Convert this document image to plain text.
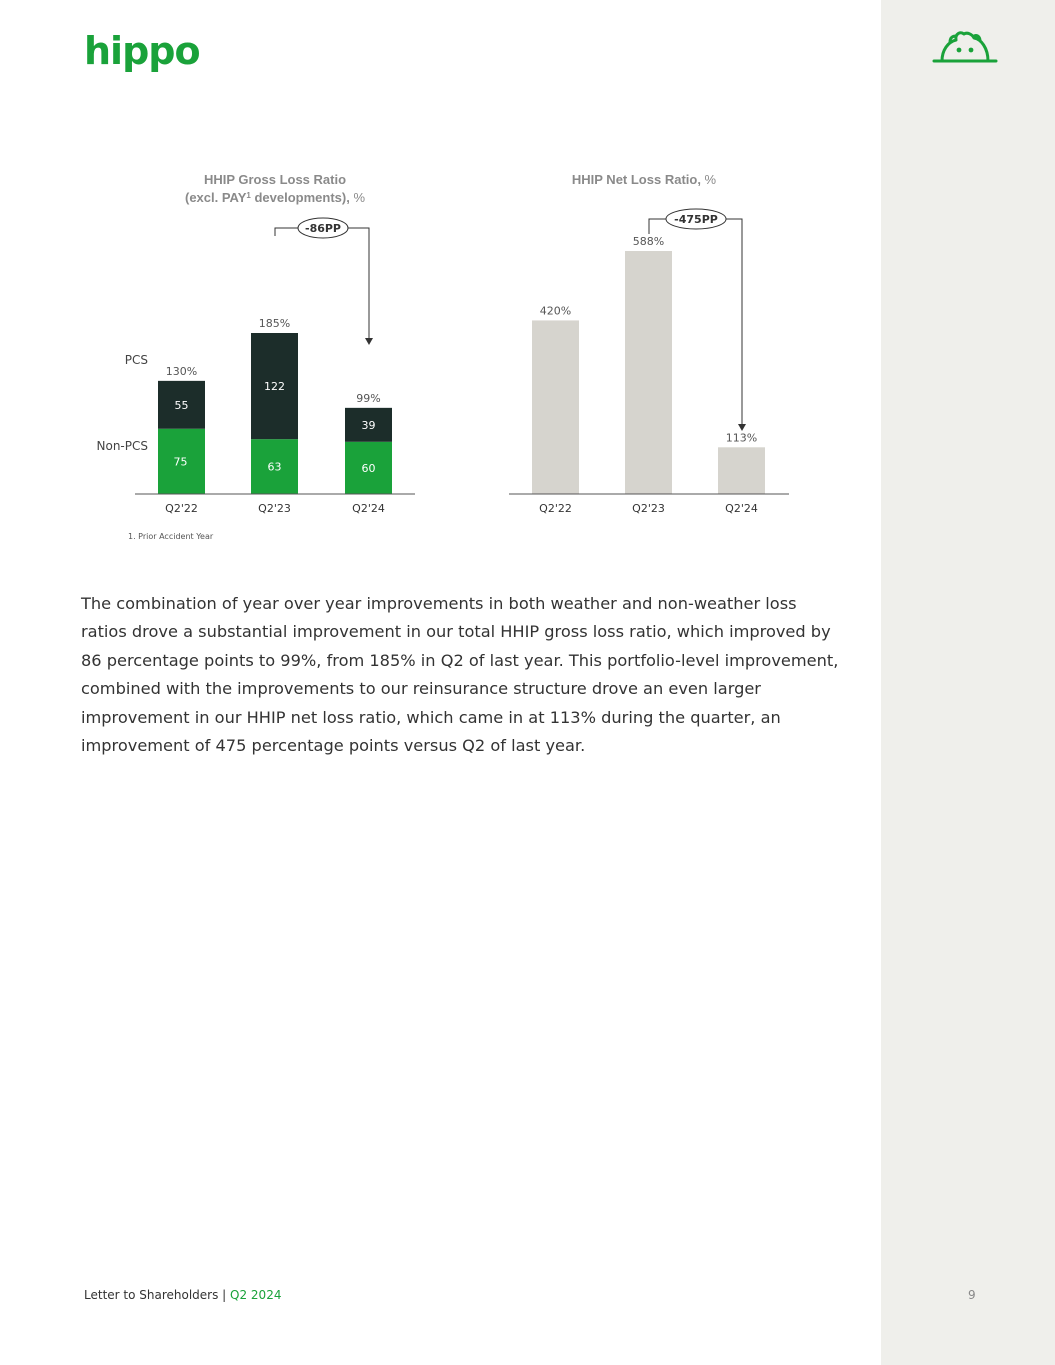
hippo
HHIP Gross Loss Ratio
(excl. PAY$^1$ developments), %
HHIP Net Loss Ratio, %
PCS
Non-PCS
75
55
130%
Q2'22
63
122
185%
Q2'23
60
39
99%
Q2'24
420%
Q2'22
588%
Q2'23
113%
Q2'24
-86PP
-475PP
1. Prior Accident Year
The combination of year over year improvements in both weather and non-weather loss ratios drove a substantial improvement in our total HHIP gross loss ratio, which improved by 86 percentage points to 99%, from 185% in Q2 of last year. This portfolio-level improvement, combined with the improvements to our reinsurance structure drove an even larger improvement in our HHIP net loss ratio, which came in at 113% during the quarter, an improvement of 475 percentage points versus Q2 of last year.
Letter to Shareholders | Q2 2024	9
